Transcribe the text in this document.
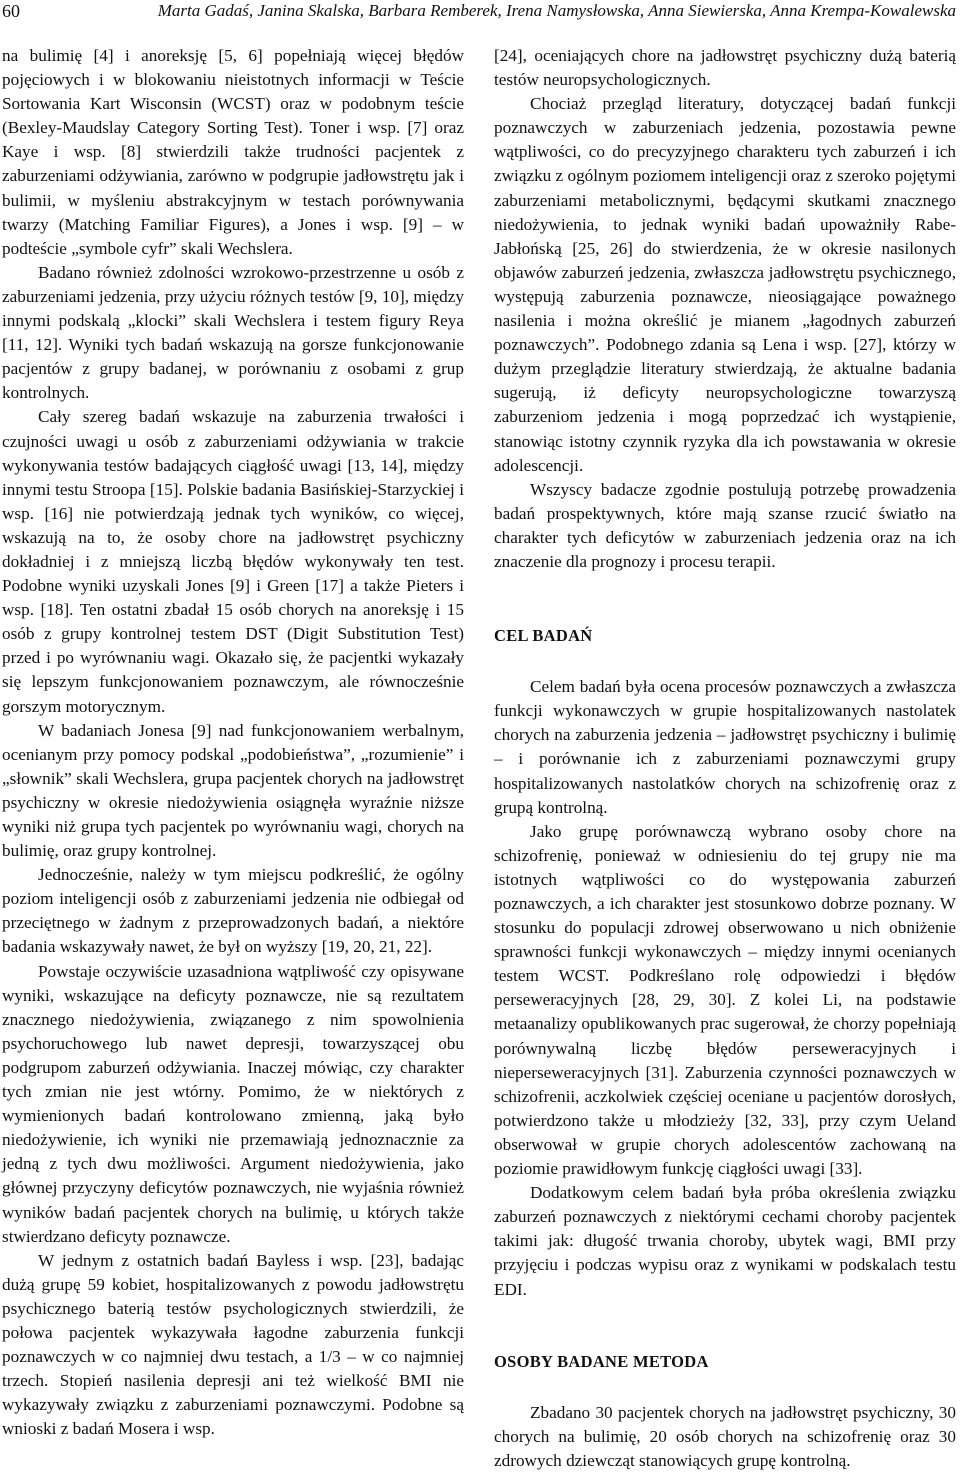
60	Marta Gadaś, Janina Skalska, Barbara Remberek, Irena Namysłowska, Anna Siewierska, Anna Krempa-Kowalewska

na bulimię [4] i anoreksję [5, 6] popełniają więcej błędów pojęciowych i w blokowaniu nieistotnych informacji w Teście Sortowania Kart Wisconsin (WCST) oraz w podobnym teście (Bexley-Maudslay Category Sorting Test). Toner i wsp. [7] oraz Kaye i wsp. [8] stwierdzili także trudności pacjentek z zaburzeniami odżywiania, zarówno w podgrupie jadłowstrętu jak i bulimii, w myśleniu abstrakcyjnym w testach porównywania twarzy (Matching Familiar Figures), a Jones i wsp. [9] – w podteście „symbole cyfr” skali Wechslera.

Badano również zdolności wzrokowo-przestrzenne u osób z zaburzeniami jedzenia, przy użyciu różnych testów [9, 10], między innymi podskalą „klocki” skali Wechslera i testem figury Reya [11, 12]. Wyniki tych badań wskazują na gorsze funkcjonowanie pacjentów z grupy badanej, w porównaniu z osobami z grup kontrolnych.

Cały szereg badań wskazuje na zaburzenia trwałości i czujności uwagi u osób z zaburzeniami odżywiania w trakcie wykonywania testów badających ciągłość uwagi [13, 14], między innymi testu Stroopa [15]. Polskie badania Basińskiej-Starzyckiej i wsp. [16] nie potwierdzają jednak tych wyników, co więcej, wskazują na to, że osoby chore na jadłowstręt psychiczny dokładniej i z mniejszą liczbą błędów wykonywały ten test. Podobne wyniki uzyskali Jones [9] i Green [17] a także Pieters i wsp. [18]. Ten ostatni zbadał 15 osób chorych na anoreksję i 15 osób z grupy kontrolnej testem DST (Digit Substitution Test) przed i po wyrównaniu wagi. Okazało się, że pacjentki wykazały się lepszym funkcjonowaniem poznawczym, ale równocześnie gorszym motorycznym.

W badaniach Jonesa [9] nad funkcjonowaniem werbalnym, ocenianym przy pomocy podskal „podobieństwa”, „rozumienie” i „słownik” skali Wechslera, grupa pacjentek chorych na jadłowstręt psychiczny w okresie niedożywienia osiągnęła wyraźnie niższe wyniki niż grupa tych pacjentek po wyrównaniu wagi, chorych na bulimię, oraz grupy kontrolnej.

Jednocześnie, należy w tym miejscu podkreślić, że ogólny poziom inteligencji osób z zaburzeniami jedzenia nie odbiegał od przeciętnego w żadnym z przeprowadzonych badań, a niektóre badania wskazywały nawet, że był on wyższy [19, 20, 21, 22].

Powstaje oczywiście uzasadniona wątpliwość czy opisywane wyniki, wskazujące na deficyty poznawcze, nie są rezultatem znacznego niedożywienia, związanego z nim spowolnienia psychoruchowego lub nawet depresji, towarzyszącej obu podgrupom zaburzeń odżywiania. Inaczej mówiąc, czy charakter tych zmian nie jest wtórny. Pomimo, że w niektórych z wymienionych badań kontrolowano zmienną, jaką było niedożywienie, ich wyniki nie przemawiają jednoznacznie za jedną z tych dwu możliwości. Argument niedożywienia, jako głównej przyczyny deficytów poznawczych, nie wyjaśnia również wyników badań pacjentek chorych na bulimię, u których także stwierdzano deficyty poznawcze.

W jednym z ostatnich badań Bayless i wsp. [23], badając dużą grupę 59 kobiet, hospitalizowanych z powodu jadłowstrętu psychicznego baterią testów psychologicznych stwierdzili, że połowa pacjentek wykazywała łagodne zaburzenia funkcji poznawczych w co najmniej dwu testach, a 1/3 – w co najmniej trzech. Stopień nasilenia depresji ani też wielkość BMI nie wykazywały związku z zaburzeniami poznawczymi. Podobne są wnioski z badań Mosera i wsp.

[24], oceniających chore na jadłowstręt psychiczny dużą baterią testów neuropsychologicznych.

Chociaż przegląd literatury, dotyczącej badań funkcji poznawczych w zaburzeniach jedzenia, pozostawia pewne wątpliwości, co do precyzyjnego charakteru tych zaburzeń i ich związku z ogólnym poziomem inteligencji oraz z szeroko pojętymi zaburzeniami metabolicznymi, będącymi skutkami znacznego niedożywienia, to jednak wyniki badań upoważniły Rabe-Jabłońską [25, 26] do stwierdzenia, że w okresie nasilonych objawów zaburzeń jedzenia, zwłaszcza jadłowstrętu psychicznego, występują zaburzenia poznawcze, nieosiągające poważnego nasilenia i można określić je mianem „łagodnych zaburzeń poznawczych”. Podobnego zdania są Lena i wsp. [27], którzy w dużym przeglądzie literatury stwierdzają, że aktualne badania sugerują, iż deficyty neuropsychologiczne towarzyszą zaburzeniom jedzenia i mogą poprzedzać ich wystąpienie, stanowiąc istotny czynnik ryzyka dla ich powstawania w okresie adolescencji.

Wszyscy badacze zgodnie postulują potrzebę prowadzenia badań prospektywnych, które mają szanse rzucić światło na charakter tych deficytów w zaburzeniach jedzenia oraz na ich znaczenie dla prognozy i procesu terapii.

CEL BADAŃ

Celem badań była ocena procesów poznawczych a zwłaszcza funkcji wykonawczych w grupie hospitalizowanych nastolatek chorych na zaburzenia jedzenia – jadłowstręt psychiczny i bulimię – i porównanie ich z zaburzeniami poznawczymi grupy hospitalizowanych nastolatków chorych na schizofrenię oraz z grupą kontrolną.

Jako grupę porównawczą wybrano osoby chore na schizofrenię, ponieważ w odniesieniu do tej grupy nie ma istotnych wątpliwości co do występowania zaburzeń poznawczych, a ich charakter jest stosunkowo dobrze poznany. W stosunku do populacji zdrowej obserwowano u nich obniżenie sprawności funkcji wykonawczych – między innymi ocenianych testem WCST. Podkreślano rolę odpowiedzi i błędów perseweracyjnych [28, 29, 30]. Z kolei Li, na podstawie metaanalizy opublikowanych prac sugerował, że chorzy popełniają porównywalną liczbę błędów perseweracyjnych i nieperseweracyjnych [31]. Zaburzenia czynności poznawczych w schizofrenii, aczkolwiek częściej oceniane u pacjentów dorosłych, potwierdzono także u młodzieży [32, 33], przy czym Ueland obserwował w grupie chorych adolescentów zachowaną na poziomie prawidłowym funkcję ciągłości uwagi [33].

Dodatkowym celem badań była próba określenia związku zaburzeń poznawczych z niektórymi cechami choroby pacjentek takimi jak: długość trwania choroby, ubytek wagi, BMI przy przyjęciu i podczas wypisu oraz z wynikami w podskalach testu EDI.

OSOBY BADANE METODA

Zbadano 30 pacjentek chorych na jadłowstręt psychiczny, 30 chorych na bulimię, 20 osób chorych na schizofrenię oraz 30 zdrowych dziewcząt stanowiących grupę kontrolną.
